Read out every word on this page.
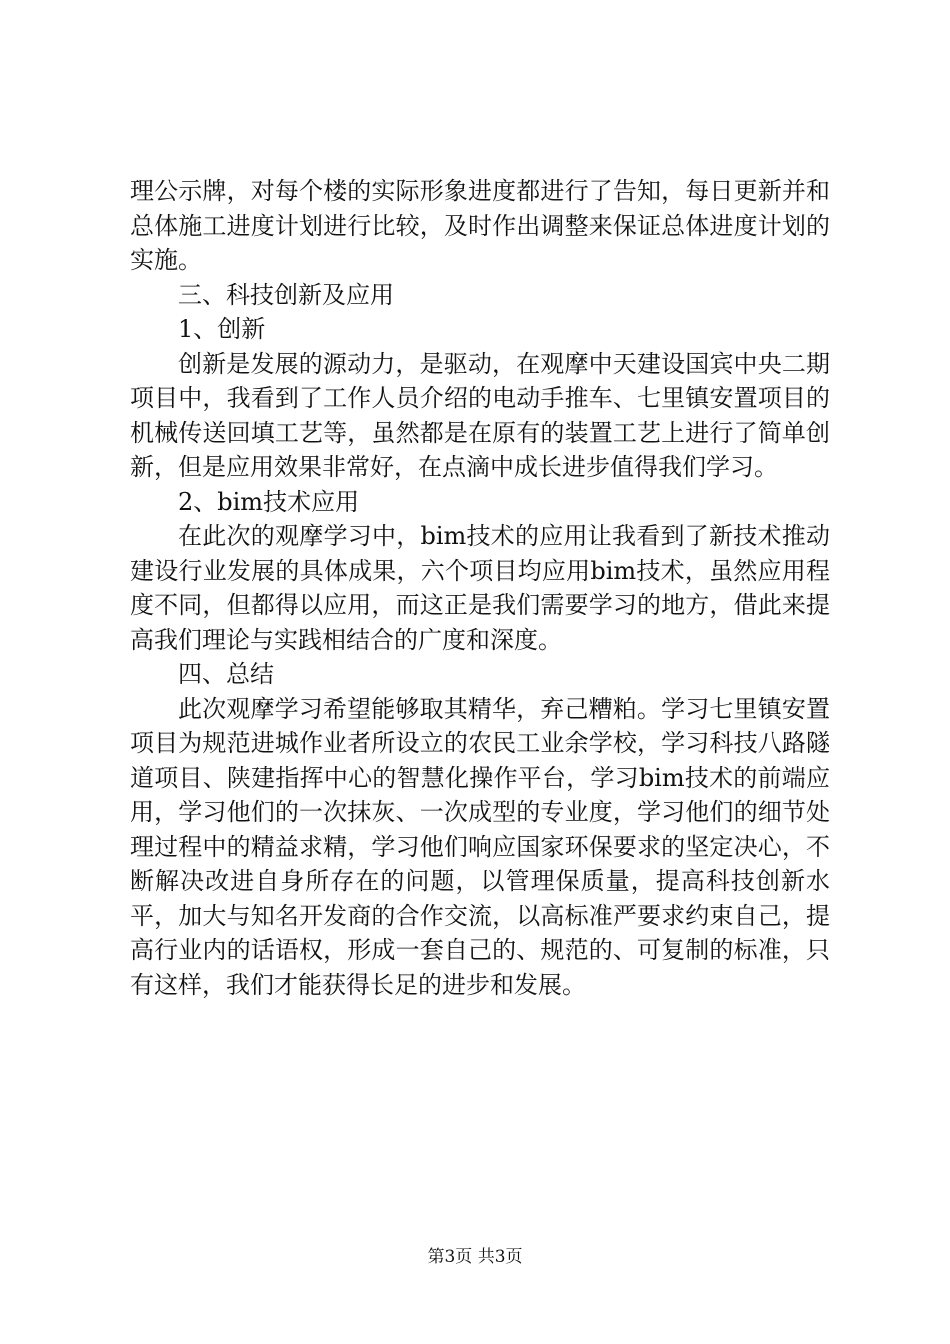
理公示牌，对每个楼的实际形象进度都进行了告知，每日更新并和总体施工进度计划进行比较，及时作出调整来保证总体进度计划的实施。

三、科技创新及应用

1、创新

创新是发展的源动力，是驱动，在观摩中天建设国宾中央二期项目中，我看到了工作人员介绍的电动手推车、七里镇安置项目的机械传送回填工艺等，虽然都是在原有的装置工艺上进行了简单创新，但是应用效果非常好，在点滴中成长进步值得我们学习。

2、bim技术应用

在此次的观摩学习中，bim技术的应用让我看到了新技术推动建设行业发展的具体成果，六个项目均应用bim技术，虽然应用程度不同，但都得以应用，而这正是我们需要学习的地方，借此来提高我们理论与实践相结合的广度和深度。

四、总结

此次观摩学习希望能够取其精华，弃己糟粕。学习七里镇安置项目为规范进城作业者所设立的农民工业余学校，学习科技八路隧道项目、陕建指挥中心的智慧化操作平台，学习bim技术的前端应用，学习他们的一次抹灰、一次成型的专业度，学习他们的细节处理过程中的精益求精，学习他们响应国家环保要求的坚定决心，不断解决改进自身所存在的问题，以管理保质量，提高科技创新水平，加大与知名开发商的合作交流，以高标准严要求约束自己，提高行业内的话语权，形成一套自己的、规范的、可复制的标准，只有这样，我们才能获得长足的进步和发展。

第3页 共3页
